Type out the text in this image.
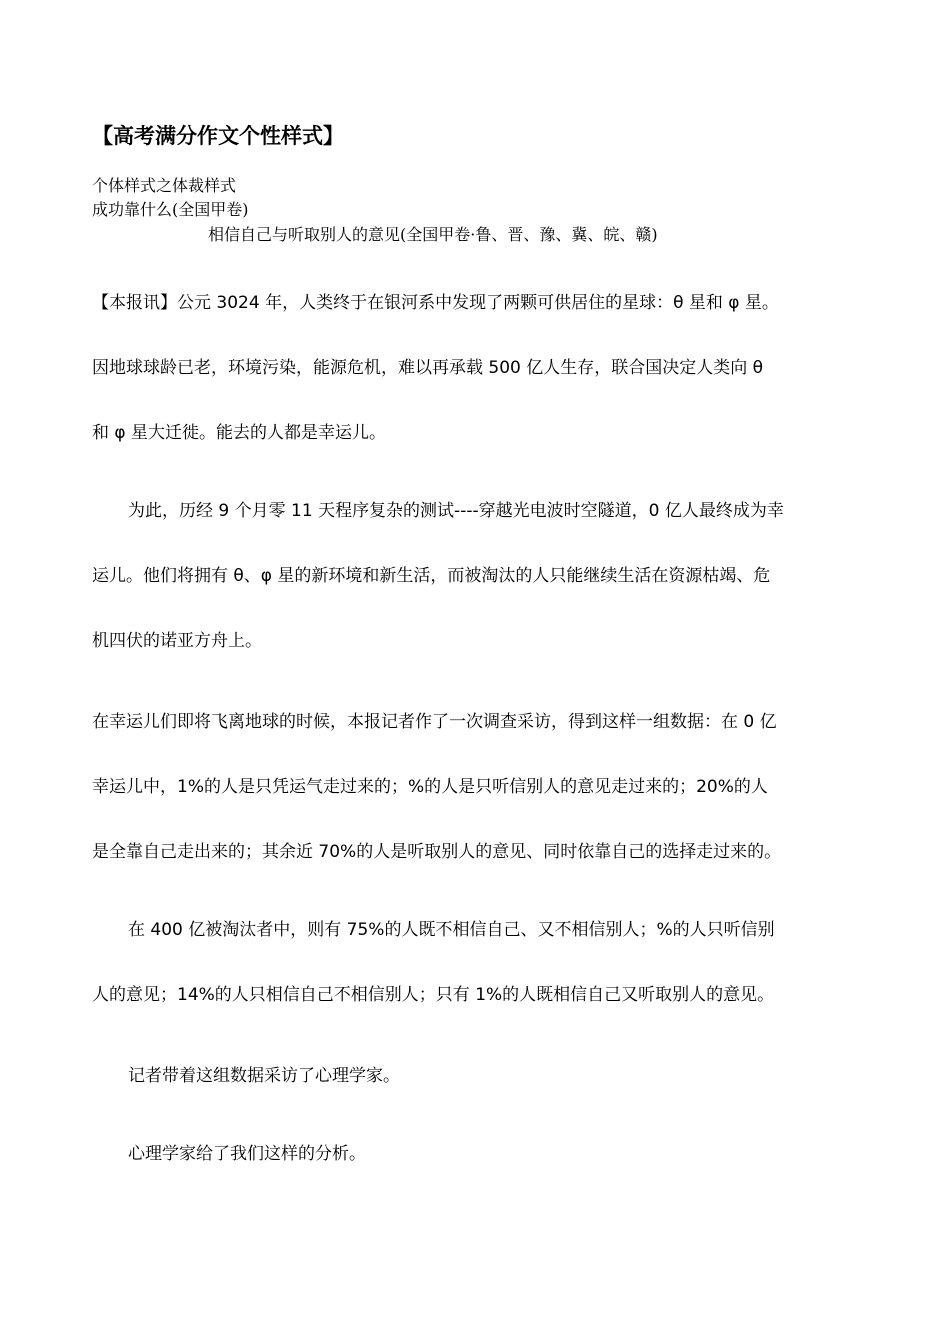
【高考满分作文个性样式】
个体样式之体裁样式
成功靠什么(全国甲卷)
相信自己与听取别人的意见(全国甲卷·鲁、晋、豫、冀、皖、赣)
【本报讯】公元 3024 年，人类终于在银河系中发现了两颗可供居住的星球：θ 星和 φ 星。
因地球球龄已老，环境污染，能源危机，难以再承载 500 亿人生存，联合国决定人类向 θ
和 φ 星大迁徙。能去的人都是幸运儿。
为此，历经 9 个月零 11 天程序复杂的测试----穿越光电波时空隧道，0 亿人最终成为幸
运儿。他们将拥有 θ、φ 星的新环境和新生活，而被淘汰的人只能继续生活在资源枯竭、危
机四伏的诺亚方舟上。
在幸运儿们即将飞离地球的时候，本报记者作了一次调查采访，得到这样一组数据：在 0 亿
幸运儿中，1%的人是只凭运气走过来的；%的人是只听信别人的意见走过来的；20%的人
是全靠自己走出来的；其余近 70%的人是听取别人的意见、同时依靠自己的选择走过来的。
在 400 亿被淘汰者中，则有 75%的人既不相信自己、又不相信别人；%的人只听信别
人的意见；14%的人只相信自己不相信别人；只有 1%的人既相信自己又听取别人的意见。
记者带着这组数据采访了心理学家。
心理学家给了我们这样的分析。
